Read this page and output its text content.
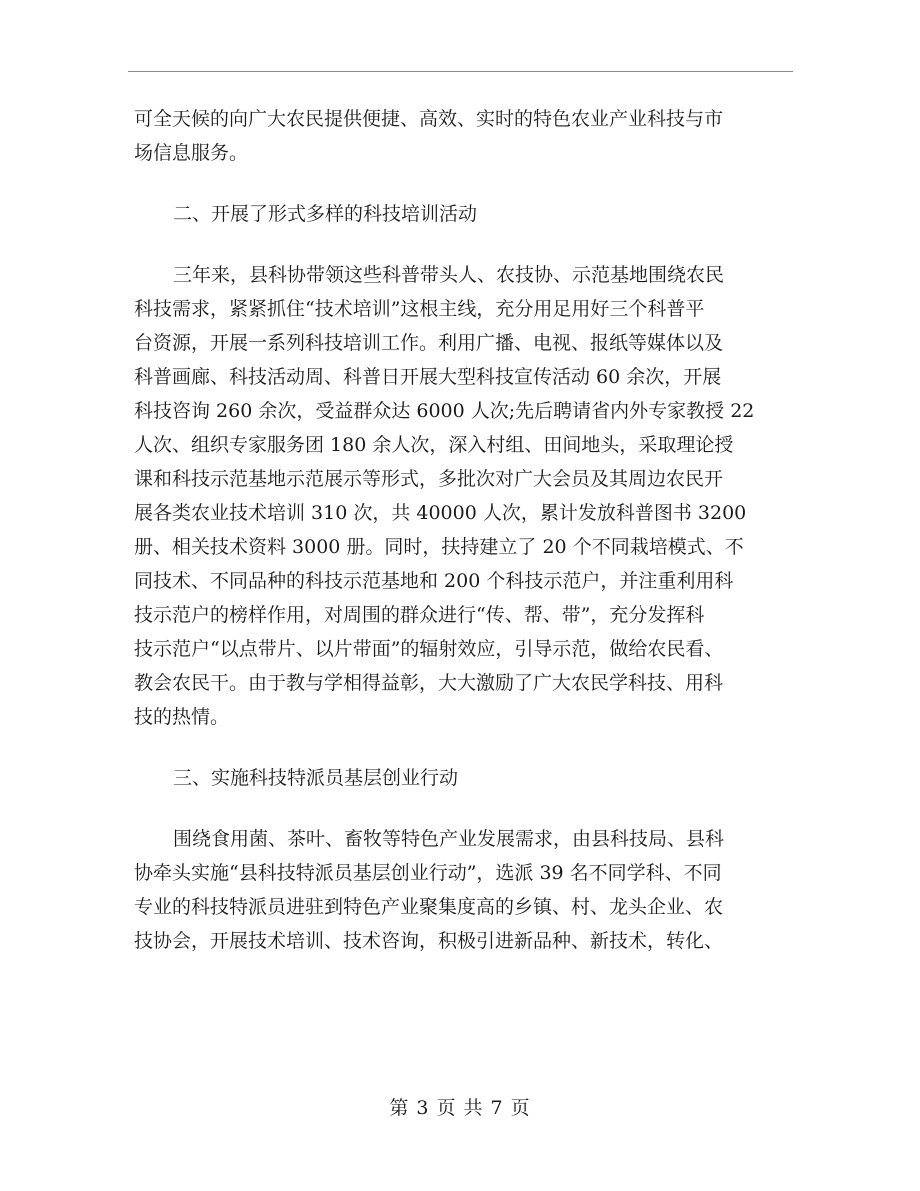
可全天候的向广大农民提供便捷、高效、实时的特色农业产业科技与市
场信息服务。
二、开展了形式多样的科技培训活动
三年来，县科协带领这些科普带头人、农技协、示范基地围绕农民
科技需求，紧紧抓住“技术培训”这根主线，充分用足用好三个科普平
台资源，开展一系列科技培训工作。利用广播、电视、报纸等媒体以及
科普画廊、科技活动周、科普日开展大型科技宣传活动 60 余次，开展
科技咨询 260 余次，受益群众达 6000 人次;先后聘请省内外专家教授 22
人次、组织专家服务团 180 余人次，深入村组、田间地头，采取理论授
课和科技示范基地示范展示等形式，多批次对广大会员及其周边农民开
展各类农业技术培训 310 次，共 40000 人次，累计发放科普图书 3200
册、相关技术资料 3000 册。同时，扶持建立了 20 个不同栽培模式、不
同技术、不同品种的科技示范基地和 200 个科技示范户，并注重利用科
技示范户的榜样作用，对周围的群众进行“传、帮、带”，充分发挥科
技示范户“以点带片、以片带面”的辐射效应，引导示范，做给农民看、
教会农民干。由于教与学相得益彰，大大激励了广大农民学科技、用科
技的热情。
三、实施科技特派员基层创业行动
围绕食用菌、茶叶、畜牧等特色产业发展需求，由县科技局、县科
协牵头实施“县科技特派员基层创业行动”，选派 39 名不同学科、不同
专业的科技特派员进驻到特色产业聚集度高的乡镇、村、龙头企业、农
技协会，开展技术培训、技术咨询，积极引进新品种、新技术，转化、
第 3 页 共 7 页
